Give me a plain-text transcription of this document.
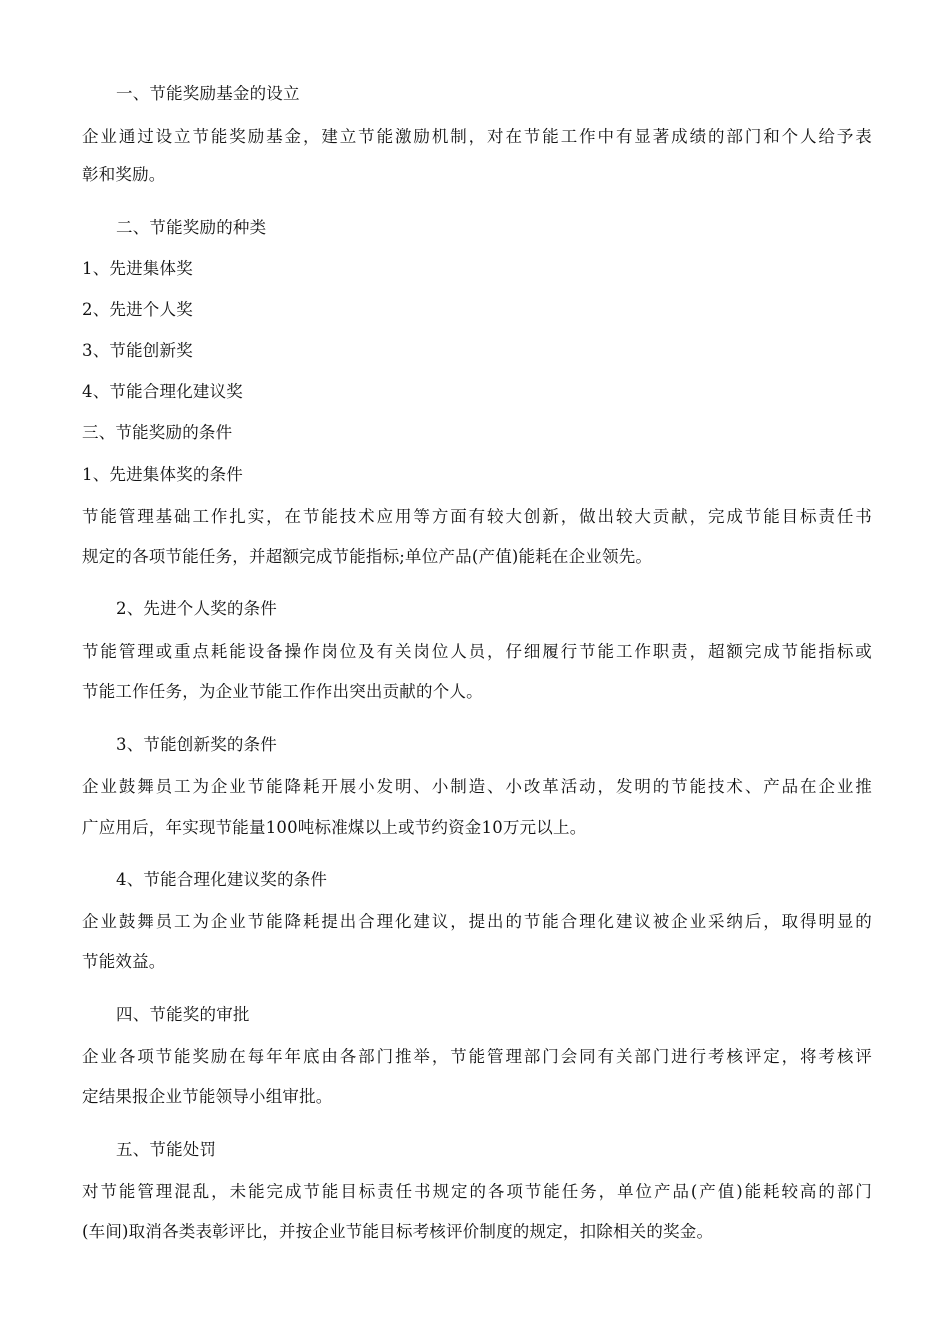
一、节能奖励基金的设立
企业通过设立节能奖励基金，建立节能激励机制，对在节能工作中有显著成绩的部门和个人给予表
彰和奖励。
二、节能奖励的种类
1、先进集体奖
2、先进个人奖
3、节能创新奖
4、节能合理化建议奖
三、节能奖励的条件
1、先进集体奖的条件
节能管理基础工作扎实，在节能技术应用等方面有较大创新，做出较大贡献，完成节能目标责任书
规定的各项节能任务，并超额完成节能指标;单位产品(产值)能耗在企业领先。
2、先进个人奖的条件
节能管理或重点耗能设备操作岗位及有关岗位人员，仔细履行节能工作职责，超额完成节能指标或
节能工作任务，为企业节能工作作出突出贡献的个人。
3、节能创新奖的条件
企业鼓舞员工为企业节能降耗开展小发明、小制造、小改革活动，发明的节能技术、产品在企业推
广应用后，年实现节能量100吨标准煤以上或节约资金10万元以上。
4、节能合理化建议奖的条件
企业鼓舞员工为企业节能降耗提出合理化建议，提出的节能合理化建议被企业采纳后，取得明显的
节能效益。
四、节能奖的审批
企业各项节能奖励在每年年底由各部门推举，节能管理部门会同有关部门进行考核评定，将考核评
定结果报企业节能领导小组审批。
五、节能处罚
对节能管理混乱，未能完成节能目标责任书规定的各项节能任务，单位产品(产值)能耗较高的部门
(车间)取消各类表彰评比，并按企业节能目标考核评价制度的规定，扣除相关的奖金。
